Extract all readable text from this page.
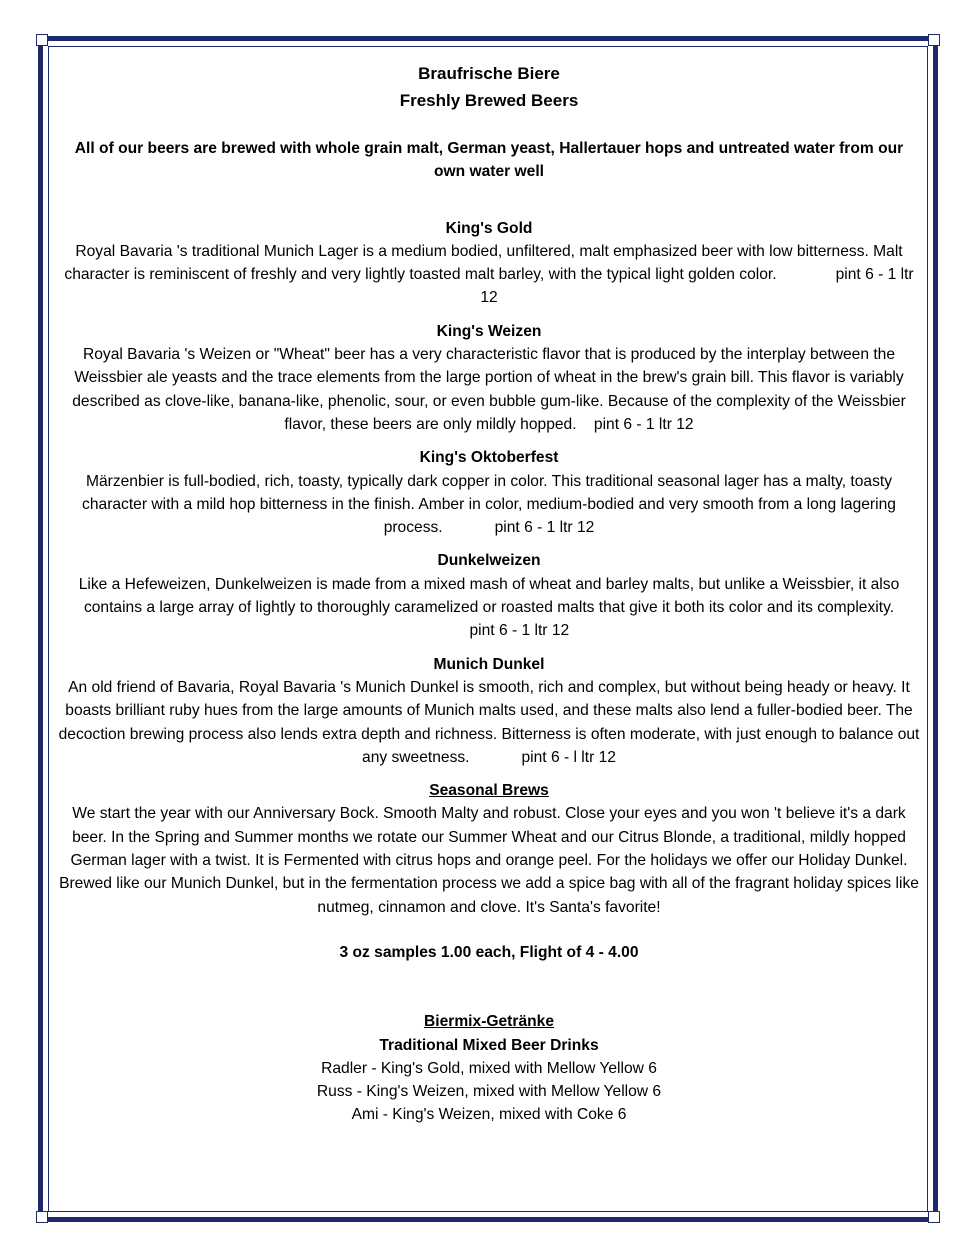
Braufrische Biere
Freshly Brewed Beers
All of our beers are brewed with whole grain malt, German yeast, Hallertauer hops and untreated water from our own water well
King's Gold
Royal Bavaria 's traditional Munich Lager is a medium bodied, unfiltered, malt emphasized beer with low bitterness. Malt character is reminiscent of freshly and very lightly toasted malt barley, with the typical light golden color.		pint 6 - 1 ltr 12
King's Weizen
Royal Bavaria 's Weizen or "Wheat" beer has a very characteristic flavor that is produced by the interplay between the Weissbier ale yeasts and the trace elements from the large portion of wheat in the brew's grain bill. This flavor is variably described as clove-like, banana-like, phenolic, sour, or even bubble gum-like. Because of the complexity of the Weissbier flavor, these beers are only mildly hopped. pint 6 - 1 ltr 12
King's Oktoberfest
Märzenbier is full-bodied, rich, toasty, typically dark copper in color. This traditional seasonal lager has a malty, toasty character with a mild hop bitterness in the finish. Amber in color, medium-bodied and very smooth from a long lagering process.	pint 6 - 1 ltr 12
Dunkelweizen
Like a Hefeweizen, Dunkelweizen is made from a mixed mash of wheat and barley malts, but unlike a Weissbier, it also contains a large array of lightly to thoroughly caramelized or roasted malts that give it both its color and its complexity.              pint 6 - 1 ltr 12
Munich Dunkel
An old friend of Bavaria, Royal Bavaria 's Munich Dunkel is smooth, rich and complex, but without being heady or heavy. It boasts brilliant ruby hues from the large amounts of Munich malts used, and these malts also lend a fuller-bodied beer. The decoction brewing process also lends extra depth and richness. Bitterness is often moderate, with just enough to balance out any sweetness.	pint 6 - l ltr 12
Seasonal Brews
We start the year with our Anniversary Bock. Smooth Malty and robust. Close your eyes and you won 't believe it's a dark beer. In the Spring and Summer months we rotate our Summer Wheat and our Citrus Blonde, a traditional, mildly hopped German lager with a twist. It is Fermented with citrus hops and orange peel. For the holidays we offer our Holiday Dunkel. Brewed like our Munich Dunkel, but in the fermentation process we add a spice bag with all of the fragrant holiday spices like nutmeg, cinnamon and clove. It's Santa's favorite!
3 oz samples 1.00 each, Flight of 4 - 4.00
Biermix-Getränke
Traditional Mixed Beer Drinks
Radler - King's Gold, mixed with Mellow Yellow 6
Russ - King's Weizen, mixed with Mellow Yellow 6
Ami - King's Weizen, mixed with Coke 6
